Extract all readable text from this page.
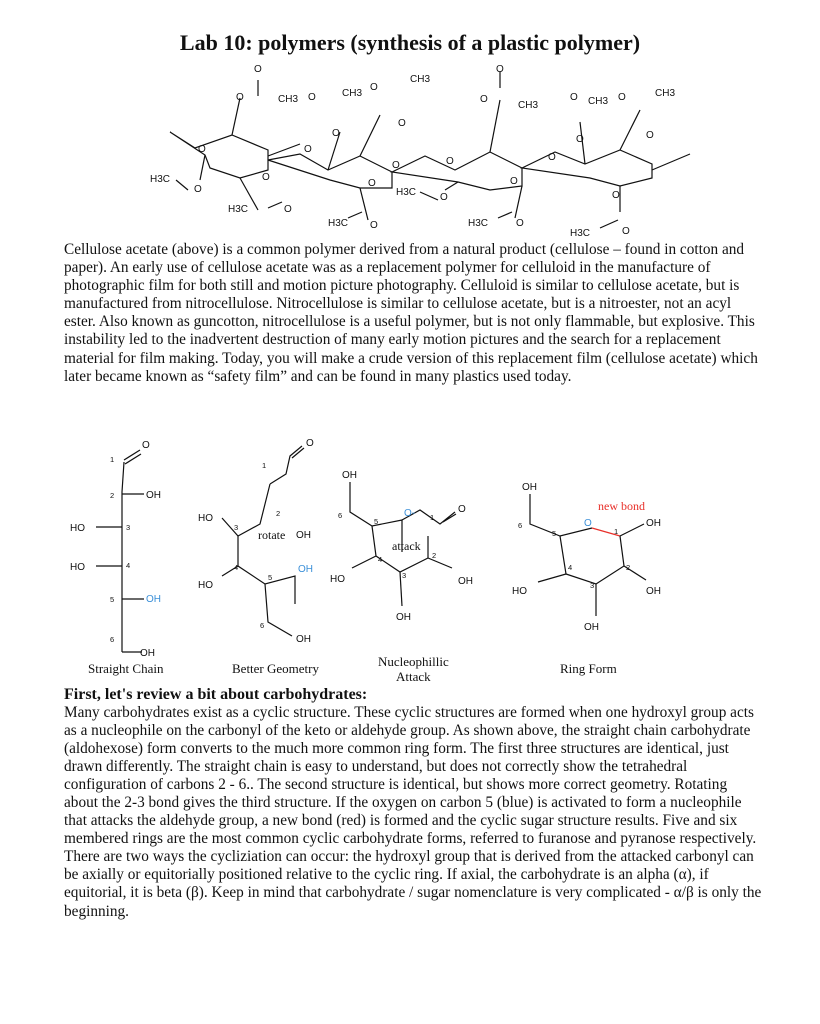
Lab 10: polymers (synthesis of a plastic polymer)
O
O	CH3 O	CH3
O
CH3
O
O
CH3
O CH3 O	CH3
O
O
O
O	O
O	O
O
O
H3C
O
O
O
H3C O
O
O
H3C	O
H3C O	H3C	O
H3C	O

Cellulose acetate (above) is a common polymer derived from a natural product (cellulose – found in cotton and paper). An early use of cellulose acetate was as a replacement polymer for celluloid in the manufacture of photographic film for both still and motion picture photography. Celluloid is similar to cellulose acetate, but is manufactured from nitrocellulose. Nitrocellulose is similar to cellulose acetate, but is a nitroester, not an acyl ester. Also known as guncotton, nitrocellulose is a useful polymer, but is not only flammable, but explosive. This instability led to the inadvertent destruction of many early motion pictures and the search for a replacement material for film making. Today, you will make a crude version of this replacement film (cellulose acetate) which later became known as “safety film” and can be found in many plastics used today.

O
1
2	OH
3
HO
4
HO
5	OH
6
OH
O
1
2
3
HO
rotate OH
4
HO
OH
5
6
OH
OH
6
5
O- 1
O
attack
4	2
HO	3
OH
OH
OH
new bond
OH
6
5
O
1
4	2
HO
3
OH
OH
Straight Chain	Better Geometry	Nucleophillic
Attack
Ring Form
First, let's review a bit about carbohydrates:

Many carbohydrates exist as a cyclic structure. These cyclic structures are formed when one hydroxyl group acts as a nucleophile on the carbonyl of the keto or aldehyde group. As shown above, the straight chain carbohydrate (aldohexose) form converts to the much more common ring form. The first three structures are identical, just drawn differently. The straight chain is easy to understand, but does not correctly show the tetrahedral configuration of carbons 2 - 6.. The second structure is identical, but shows more correct geometry. Rotating about the 2-3 bond gives the third structure. If the oxygen on carbon 5 (blue) is activated to form a nucleophile that attacks the aldehyde group, a new bond (red) is formed and the cyclic sugar structure results. Five and six membered rings are the most common cyclic carbohydrate forms, referred to furanose and pyranose respectively. There are two ways the cycliziation can occur: the hydroxyl group that is derived from the attacked carbonyl can be axially or equitorially positioned relative to the cyclic ring. If axial, the carbohydrate is an alpha (α), if equitorial, it is beta (β). Keep in mind that carbohydrate / sugar nomenclature is very complicated - α/β is only the beginning.
